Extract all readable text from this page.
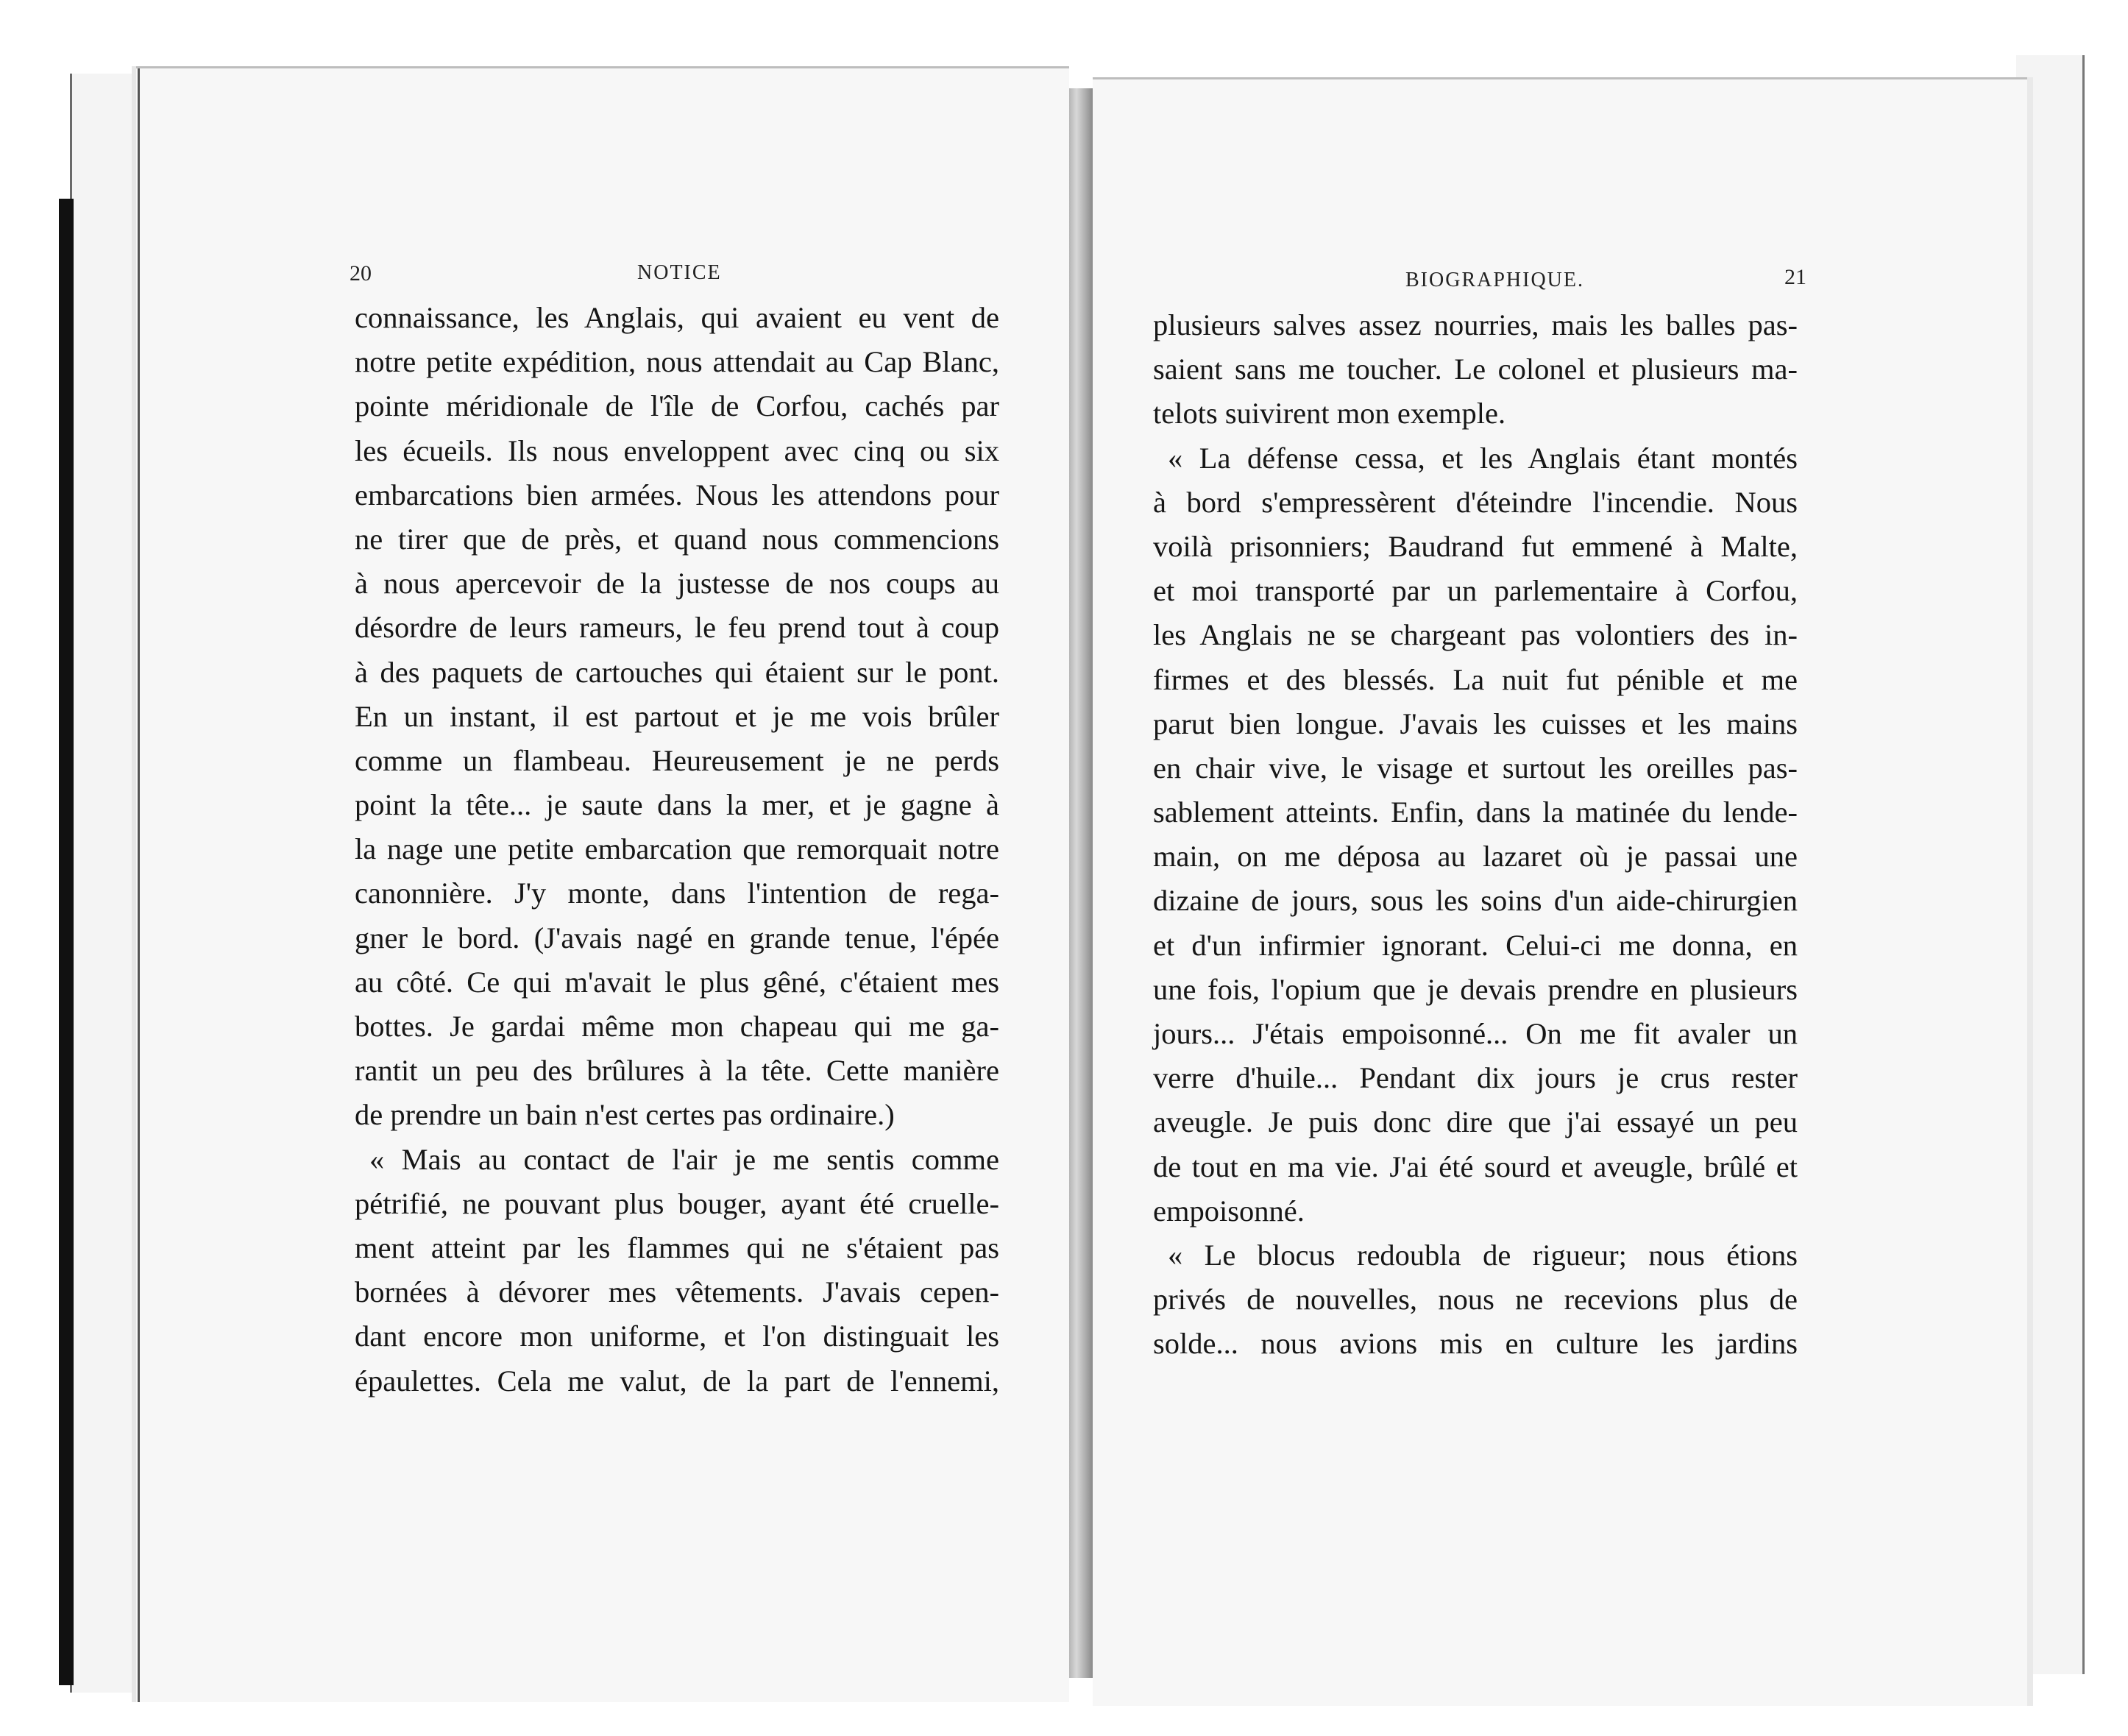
20	NOTICE	BIOGRAPHIQUE.	21
connaissance, les Anglais, qui avaient eu vent de
notre petite expédition, nous attendait au Cap Blanc,
pointe méridionale de l'île de Corfou, cachés par
les écueils. Ils nous enveloppent avec cinq ou six
embarcations bien armées. Nous les attendons pour
ne tirer que de près, et quand nous commencions
à nous apercevoir de la justesse de nos coups au
désordre de leurs rameurs, le feu prend tout à coup
à des paquets de cartouches qui étaient sur le pont.
En un instant, il est partout et je me vois brûler
comme un flambeau. Heureusement je ne perds
point la tête... je saute dans la mer, et je gagne à
la nage une petite embarcation que remorquait notre
canonnière. J'y monte, dans l'intention de rega-
gner le bord. (J'avais nagé en grande tenue, l'épée
au côté. Ce qui m'avait le plus gêné, c'étaient mes
bottes. Je gardai même mon chapeau qui me ga-
rantit un peu des brûlures à la tête. Cette manière
de prendre un bain n'est certes pas ordinaire.)
« Mais au contact de l'air je me sentis comme
pétrifié, ne pouvant plus bouger, ayant été cruelle-
ment atteint par les flammes qui ne s'étaient pas
bornées à dévorer mes vêtements. J'avais cepen-
dant encore mon uniforme, et l'on distinguait les
épaulettes. Cela me valut, de la part de l'ennemi,
plusieurs salves assez nourries, mais les balles pas-
saient sans me toucher. Le colonel et plusieurs ma-
telots suivirent mon exemple.
« La défense cessa, et les Anglais étant montés
à bord s'empressèrent d'éteindre l'incendie. Nous
voilà prisonniers; Baudrand fut emmené à Malte,
et moi transporté par un parlementaire à Corfou,
les Anglais ne se chargeant pas volontiers des in-
firmes et des blessés. La nuit fut pénible et me
parut bien longue. J'avais les cuisses et les mains
en chair vive, le visage et surtout les oreilles pas-
sablement atteints. Enfin, dans la matinée du lende-
main, on me déposa au lazaret où je passai une
dizaine de jours, sous les soins d'un aide-chirurgien
et d'un infirmier ignorant. Celui-ci me donna, en
une fois, l'opium que je devais prendre en plusieurs
jours... J'étais empoisonné... On me fit avaler un
verre d'huile... Pendant dix jours je crus rester
aveugle. Je puis donc dire que j'ai essayé un peu
de tout en ma vie. J'ai été sourd et aveugle, brûlé et
empoisonné.
« Le blocus redoubla de rigueur; nous étions
privés de nouvelles, nous ne recevions plus de
solde... nous avions mis en culture les jardins
